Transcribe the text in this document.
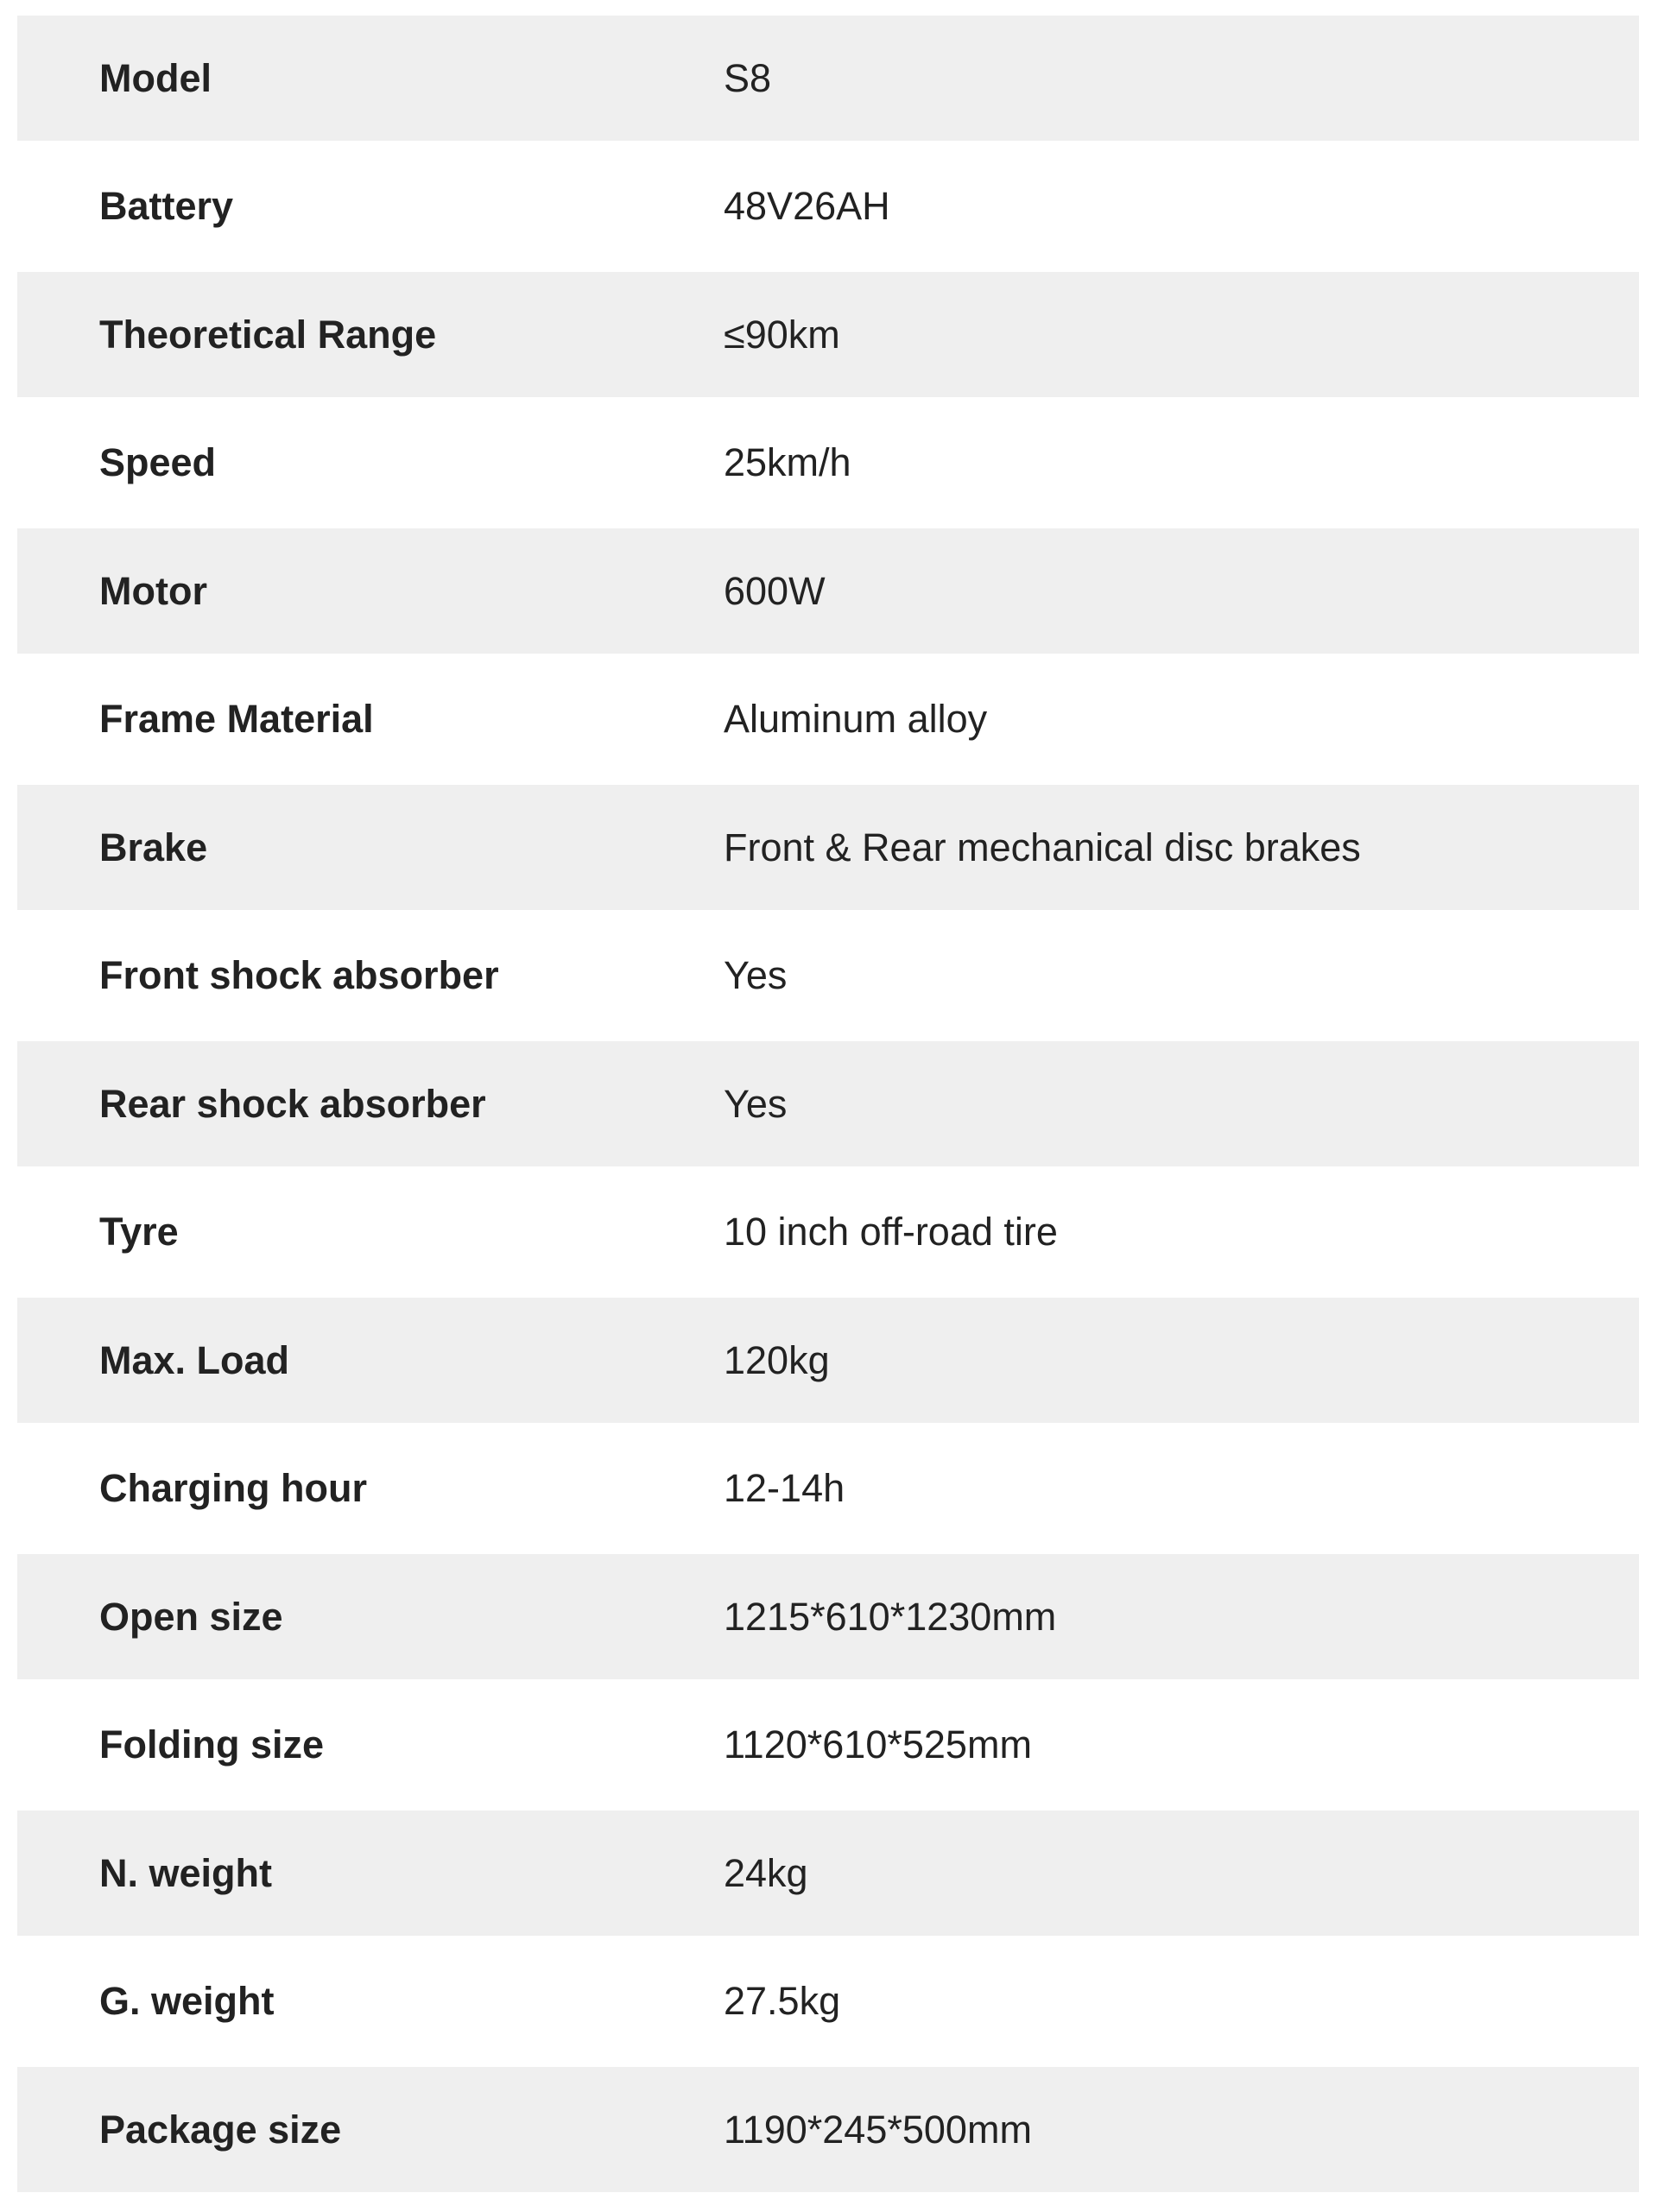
Model	S8
Battery	48V26AH
Theoretical Range	≤90km
Speed	25km/h
Motor	600W
Frame Material	Aluminum alloy
Brake	Front & Rear mechanical disc brakes
Front shock absorber	Yes
Rear shock absorber	Yes
Tyre	10 inch off-road tire
Max. Load	120kg
Charging hour	12-14h
Open size	1215*610*1230mm
Folding size	1120*610*525mm
N. weight	24kg
G. weight	27.5kg
Package size	1190*245*500mm
